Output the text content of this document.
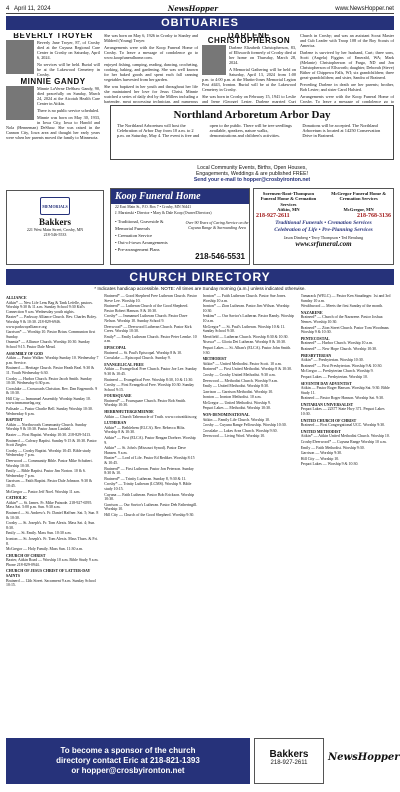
4 April 11, 2024	NewsHopper	www.NewsHopper.net
OBITUARIES
BEVERLY TROYER

Beverly Jane Troyer, 87, of Crosby died at the Cuyuna Regional Care Center in Crosby on Saturday, April 6, 2024.

No services will be held. Burial will be at the Lakewood Cemetery in Crosby.

MINNIE GANDY

Minnie LaVerne DeShaw Gandy, 90, died peacefully on Sunday, March 24, 2024 at the Aicotah Health Care Center in Aitkin.

There is no public service scheduled.

Minnie was born on May 30, 1933, in Iowa City, Iowa to Harold and Nola (Henneman) DeShaw. She was raised in the Cannon City, Iowa area and thought her early years were when her parents moved the family to Minnesota.

She was born on May 6, 1926 in Crosby to Stanley and Mildred (Young) Troyer.

Arrangements were with the Koop Funeral Home of Crosby. To leave a message of condolence go to www.koopfuneralhome.com.

enjoyed fishing, camping, reading, dancing, crocheting, cooking, baking, and gardening. She was well known for her baked goods and spent each fall canning vegetables harvested from her garden.

She was baptized in her youth and throughout her life she maintained her love for Jesus Christ. Minnie watched a series of daily dvd by the Millers including a bartender, meat processing technician, and numerous

DARLENE CHRISTOPHERSON

Darlene Elizabeth Christopherson, 83, of Ellsworth formerly of Crosby died at her home on Thursday, March 28, 2024.

A Memorial Gathering will be held on Saturday, April 13, 2024 from 1:00 p.m. to 4:00 p.m. at the Martin-Jones Memorial Legion Post #443, Ironton. Burial will be at the Lakewood Cemetery in Crosby.

She was born in Crosby on February 15, 1941 to Leslie and Irene (George) Lester. Darlene married Curt

Church in Crosby; and was an assistant Scout Master and Cub Leader with Troop 108 of the Boy Scouts of America.

Darlene is survived by her husband, Curt; three sons, Scott (Angela) Figgins of Emerald, WA; Mark (Melanie) Christopherson of Fargo, ND and Jon Christopherson of Ellsworth; daughter, Deborah (Steve) Bither of Chippewa Falls, WI; six grandchildren; three great-grandchildren; and sister, Sandra of Brainerd.

Preceding Darlene in death are her parents; brother, Bob Lester; and sister Carol Halsted.

Arrangements were with the Koop Funeral Home of Crosby. To leave a message of condolence go to

Northland Arboretum Arbor Day
The Northland Arboretum will host the Celebration of Arbor Day from 10 a.m. to 2 p.m. on Saturday, May 4. The event is free and open to the public. There will be tree seedlings available, speakers, nature walks, demonstrations and children's activities. Donations will be accepted. The Northland Arboretum is located at 14250 Conservation Drive in Brainerd.
Local Community Events, Births, Open Houses,
Engagements, Weddings & are published FREE!
Send your e-mail to hopper@crosbyironton.net
MEMORIALS
Bakkers
221 West Main Street, Crosby, MN
218-546-5533
Koop Funeral Home
22 East Main St., P.O. Box 7 • Crosby, MN 56441
J. Marzinski • Director • Mary & Dale Koop (Owner/Directors)
• Traditional, Graveside & Memorial Funerals
• Cremation Service
• Out-of-town Arrangements
• Pre-arrangement Plans
Over 90 Years of Caring Service on the Cuyuna Range & Surrounding Area
218-546-5531
Sorensen-Root-Thompson Funeral Home & Cremation Services
McGregor Funeral Home & Cremation Services
Aitkin, MN	McGregor, MN
218-927-2611	218-768-3136
Traditional Funerals • Cremation Services
Celebration of Life • Pre-Planning Services
Jason Dimberg • Terry Thompson • Ted Berulung
www.srfuneral.com
CHURCH DIRECTORY
* Indicates handicap accessible. NOTE: All times are Sunday morning (a.m.) unless indicated otherwise.
ALLIANCE
Aitkin* — New Life Lens Bag & Tank Lefelle, pastors. Worship 9:30 & 11 a.m. Sunday School 9:30 Kid's Connection 9 a.m. Wednesday youth nights.
Baxter* — Parkway Alliance Church. Rev. Charles Boley. Worship 9 & 10:30. 218-829-6946. www.parkwayalliance.org
Garrison* — Worship 10. Pastor Brian. Communion first Sunday.
Onamia* — Alliance Church. Worship 10:30. Sunday School 9:15. Pastor Dale Mead.
ASSEMBLY OF GOD
Aitkin — Pastor Walker. Worship Sunday 10. Wednesday 7 p.m. Service.
Brainerd — Heritage Church. Pastor Heath Beal. 9:30 & 11. Youth Wednesday 6:30.
Crosby — Harbor Church. Pastor Jacob Smith. Sunday 10:30. Wednesday 6:30 p.m.
Crosslake — Crossroads Christian. Rev. Dan Engenroth. 9 & 10:30.
Hill City — Immanuel Assembly. Worship Sunday 10. www.immanuelag.org
Palisade — Pastor Charlie Bell. Sunday Worship 10:30. Wednesday 6 p.m.
BAPTIST
Aitkin — Northwoods Community Church. Sunday Worship 9 & 10:30. Pastor Jason Lindahl.
Baxter — First Baptist. Worship 10:30. 218-829-5413.
Brainerd — Calvary Baptist. Sunday 9:15 & 10:30. Pastor Scott Ziegler.
Crosby — Crosby Baptist. Worship 10:45. Bible study Wednesday 7 p.m.
Deerwood — Community Bible. Pastor Mike Schubert. Worship 10:30.
Emily — Bible Baptist. Pastor Jim Norton. 10 & 6. Wednesday 7 p.m.
Garrison — Faith Baptist. Pastor Dale Johnson. 9:30 & 10:45.
McGregor — Pastor Jeff Noel. Worship 11 a.m.
CATHOLIC
Aitkin* — St. James. Fr. Mike Patnode. 218-927-6595. Mass Sat. 5:00 p.m. Sun. 9:30 a.m.
Brainerd — St. Andrew's. Fr. Daniel Haffner. Sat. 5; Sun. 8 & 10:30.
Crosby — St. Joseph's. Fr. Tom Alexis. Mass Sat. 4; Sun. 8:30.
Emily — St. Emily. Mass Sun. 10:30 a.m.
Ironton — St. Joseph's. Fr. Tom Alexis. Mass Thurs. & Fri. 8.
McGregor — Holy Family. Mass Sun. 11:30 a.m.
CHURCH OF CHRIST
Baxter, Aitkin Road — Worship 10 a.m. Bible Study 9 a.m. Phone 218-829-0944.
CHURCH OF JESUS CHRIST OF LATTER-DAY SAINTS
Brainerd — 12th Street. Sacrament 9 a.m. Sunday School 10:15.
Brainerd* — Good Shepherd Free Lutheran Church. Pastor Steve Lee. Worship 10.
Brainerd* — Lutheran Church of the Good Shepherd. Pastor Robert Hanson. 8 & 10:30.
Crosby* — Immanuel Lutheran Church. Pastor Dave Nelson. Worship 10. Sunday School 9.
Deerwood* — Deerwood Lutheran Church. Pastor Kirk Crees. Worship 10:30.
Emily* — Emily Lutheran Church. Pastor Peter Lemke. 10 a.m.
EPISCOPAL
Brainerd — St. Paul's Episcopal. Worship 8 & 10.
Crosslake — Episcopal Church. Sunday 9.
EVANGELICAL FREE
Aitkin — Evangelical Free Church. Pastor Joe Lee. Sunday 9:30 & 10:45.
Brainerd — Evangelical Free. Worship 8:30, 10 & 11:30.
Crosby — First Evangelical Free. Worship 10:30. Sunday School 9:15.
FOURSQUARE
Brainerd* — Foursquare Church. Pastor Rob Smith. Worship 10:30.
HERRNHUTERGEMEINDE
Aitkin — Church Tabernacle of Truth. www.cotwaitkin.org
LUTHERAN
Aitkin* — Bethlehem (ELCA). Rev. Rebecca Hiltz. Worship 8 & 10:30.
Aitkin* — First (ELCA). Pastor Reagan Doehrer. Worship 9.
Aitkin* — St. John's (Missouri Synod). Pastor Dave Hansen. 9 a.m.
Baxter* — Lord of Life. Pastor Ed Rediker. Worship 8:15 & 10:45.
Brainerd* — First Lutheran. Pastor Jon Peterson. Sunday 8:30 & 10.
Brainerd* — Trinity Lutheran. Sunday 8, 9:30 & 11.
Crosby* — Trinity Lutheran (LCMS). Worship 9. Bible study 10:15.
Cuyuna — Faith Lutheran. Pastor Bob Erickson. Worship 10:30.
Garrison — Our Savior's Lutheran. Pastor Deb Fatheringill. Worship 10.
Hill City — Church of the Good Shepherd. Worship 9:30.
Ironton* — Faith Lutheran Church. Pastor Sue Jones. Worship 10 a.m.
Ironton* — Zion Lutheran. Pastor Jim Wilson. Worship 10:30.
Jenkins* — Our Savior's Lutheran. Pastor Randy. Worship 10 a.m.
McGregor* — St. Paul's Lutheran. Worship 10 & 11. Sunday School 9:30.
Merrifield — Lutheran Church. Worship 8:30 & 10:30.
Nisswa* — Gloria Dei Lutheran. Worship 8 & 10:30.
Pequot Lakes — St. Alban's (ELCA). Pastor John Smith. 9:30.
METHODIST
Aitkin* — United Methodist. Pastor Scott. 10 a.m.
Brainerd* — First United Methodist. Worship 8 & 10:30.
Crosby — Crosby United Methodist. 9:30 a.m.
Deerwood — Methodist Church. Worship 9 a.m.
Emily — United Methodist. Worship 8:30.
Garrison — Garrison Methodist. Worship 10.
Ironton — Ironton Methodist. 10 a.m.
McGregor — United Methodist. Worship 9.
Pequot Lakes — Methodist. Worship 10:30.
NON-DENOMINATIONAL
Aitkin — Family Life Church. Worship 10.
Crosby — Cuyuna Range Fellowship. Worship 10:30.
Crosslake — Lakes Area Church. Worship 9:30.
Deerwood — Living Word. Worship 10.
Tamarack (WELC) — Pastor Ken Staudinger. 1st and 3rd Sunday 10 a.m.
Wealthwood — Meets the first Sunday of the month.
NAZARENE
Brainerd* — Church of the Nazarene. Pastor Joshua Nemes. Worship 10:30.
Brainerd* — Zion Street Church. Pastor Tom Woodman. Worship 9 & 10:30.
PENTECOSTAL
Brainerd* — Harbor Church. Worship 10 a.m.
Brainerd* — New Hope Church. Worship 10:30.
PRESBYTERIAN
Aitkin* — Presbyterian. Worship 10:30.
Brainerd* — First Presbyterian. Worship 9 & 10:30.
McGregor — Presbyterian Church. Worship 9.
Pequot Lakes — Presbyterian. Worship 10.
SEVENTH DAY ADVENTIST
Aitkin — Pastor Roger Hanson. Worship Sat. 9:30. Bible Study 11.
Brainerd — Pastor Roger Hanson. Worship Sat. 9:30.
UNITARIAN UNIVERSALIST
Pequot Lakes — 22377 State Hwy 371. Pequot Lakes 10:30.
UNITED CHURCH OF CHRIST
Brainerd — First Congregational UCC. Worship 9:30.
UNITED METHODIST
Aitkin* — Aitkin United Methodist Church. Worship 10.
Crosby/Deerwood* — Cuyuna Range Worship 10 a.m.
Emily — Faith Methodist. Worship 9:30.
Garrison — Worship 9:30.
Hill City — Worship 10.
Pequot Lakes — Worship 9 & 10:30.
To become a sponsor of the church
directory contact Eric at 218-821-1393
or hopper@crosbyironton.net
Bakkers
218-927-2611	NewsHopper
